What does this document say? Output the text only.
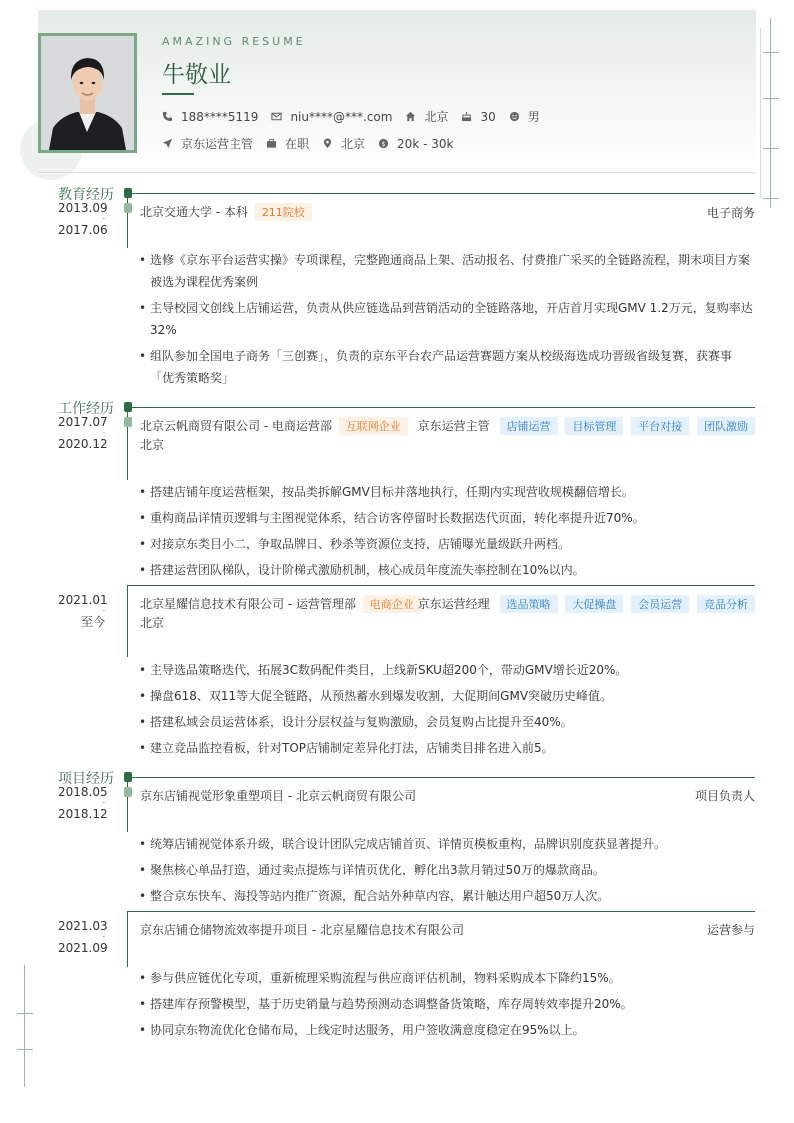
AMAZING RESUME
牛敬业
188****5119	niu****@***.com	北京	30	男
京东运营主管	在职	北京 $ 20k - 30k
教育经历
2013.09
-
2017.06
北京交通大学 - 本科 211院校	电子商务
• 选修《京东平台运营实操》专项课程，完整跑通商品上架、活动报名、付费推广采买的全链路流程，期末项目方案被选为课程优秀案例
• 主导校园文创线上店铺运营，负责从供应链选品到营销活动的全链路落地，开店首月实现GMV 1.2万元，复购率达32%
• 组队参加全国电子商务「三创赛」，负责的京东平台农产品运营赛题方案从校级海选成功晋级省级复赛，获赛事「优秀策略奖」
工作经历
2017.07
-
2020.12
北京云帆商贸有限公司 - 电商运营部 互联网企业	京东运营主管 店铺运营 目标管理 平台对接 团队激励
北京
• 搭建店铺年度运营框架，按品类拆解GMV目标并落地执行，任期内实现营收规模翻倍增长。
• 重构商品详情页逻辑与主图视觉体系，结合访客停留时长数据迭代页面，转化率提升近70%。
• 对接京东类目小二，争取品牌日、秒杀等资源位支持，店铺曝光量级跃升两档。
• 搭建运营团队梯队，设计阶梯式激励机制，核心成员年度流失率控制在10%以内。
2021.01
-
至今
北京星耀信息技术有限公司 - 运营管理部 电商企业 京东运营经理 选品策略 大促操盘 会员运营 竞品分析
北京
• 主导选品策略迭代，拓展3C数码配件类目，上线新SKU超200个，带动GMV增长近20%。
• 操盘618、双11等大促全链路，从预热蓄水到爆发收割，大促期间GMV突破历史峰值。
• 搭建私域会员运营体系，设计分层权益与复购激励，会员复购占比提升至40%。
• 建立竞品监控看板，针对TOP店铺制定差异化打法，店铺类目排名进入前5。
项目经历
2018.05
-
2018.12
京东店铺视觉形象重塑项目 - 北京云帆商贸有限公司	项目负责人
• 统筹店铺视觉体系升级，联合设计团队完成店铺首页、详情页模板重构，品牌识别度获显著提升。
• 聚焦核心单品打造，通过卖点提炼与详情页优化，孵化出3款月销过50万的爆款商品。
• 整合京东快车、海投等站内推广资源，配合站外种草内容，累计触达用户超50万人次。
2021.03
-
2021.09
京东店铺仓储物流效率提升项目 - 北京星耀信息技术有限公司	运营参与
• 参与供应链优化专项，重新梳理采购流程与供应商评估机制，物料采购成本下降约15%。
• 搭建库存预警模型，基于历史销量与趋势预测动态调整备货策略，库存周转效率提升20%。
• 协同京东物流优化仓储布局，上线定时达服务，用户签收满意度稳定在95%以上。
